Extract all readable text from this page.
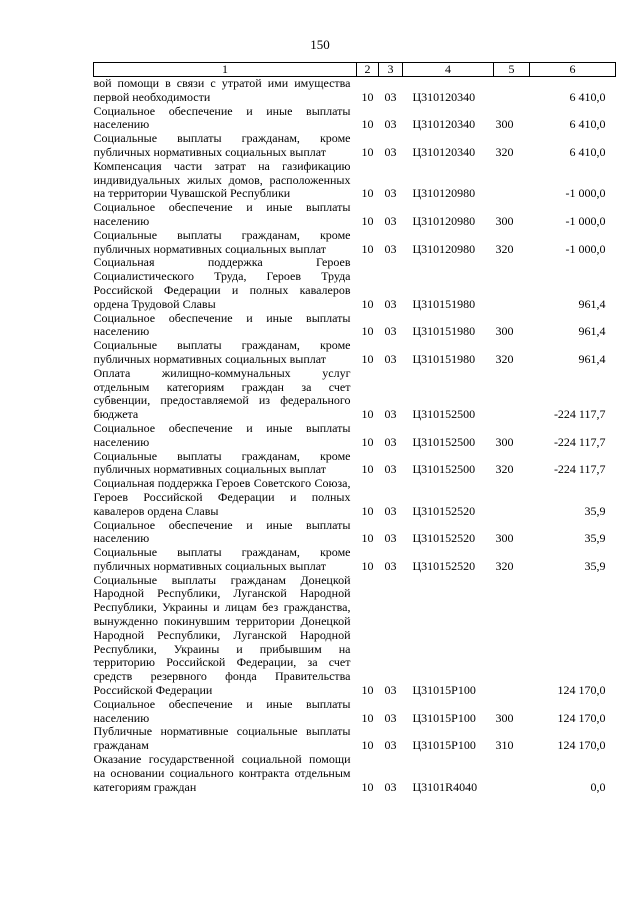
150
1	2	3	4	5	6
вой помощи в связи с утратой ими имущества первой необходимости	10	03	Ц310120340		6 410,0
Социальное обеспечение и иные выплаты населению	10	03	Ц310120340	300	6 410,0
Социальные выплаты гражданам, кроме публичных нормативных социальных выплат	10	03	Ц310120340	320	6 410,0
Компенсация части затрат на газификацию индивидуальных жилых домов, расположенных на территории Чувашской Республики	10	03	Ц310120980		-1 000,0
Социальное обеспечение и иные выплаты населению	10	03	Ц310120980	300	-1 000,0
Социальные выплаты гражданам, кроме публичных нормативных социальных выплат	10	03	Ц310120980	320	-1 000,0
Социальная поддержка Героев Социалистического Труда, Героев Труда Российской Федерации и полных кавалеров ордена Трудовой Славы	10	03	Ц310151980		961,4
Социальное обеспечение и иные выплаты населению	10	03	Ц310151980	300	961,4
Социальные выплаты гражданам, кроме публичных нормативных социальных выплат	10	03	Ц310151980	320	961,4
Оплата жилищно-коммунальных услуг отдельным категориям граждан за счет субвенции, предоставляемой из федерального бюджета	10	03	Ц310152500		-224 117,7
Социальное обеспечение и иные выплаты населению	10	03	Ц310152500	300	-224 117,7
Социальные выплаты гражданам, кроме публичных нормативных социальных выплат	10	03	Ц310152500	320	-224 117,7
Социальная поддержка Героев Советского Союза, Героев Российской Федерации и полных кавалеров ордена Славы	10	03	Ц310152520		35,9
Социальное обеспечение и иные выплаты населению	10	03	Ц310152520	300	35,9
Социальные выплаты гражданам, кроме публичных нормативных социальных выплат	10	03	Ц310152520	320	35,9
Социальные выплаты гражданам Донецкой Народной Республики, Луганской Народной Республики, Украины и лицам без гражданства, вынужденно покинувшим территории Донецкой Народной Республики, Луганской Народной Республики, Украины и прибывшим на территорию Российской Федерации, за счет средств резервного фонда Правительства Российской Федерации	10	03	Ц31015Р100		124 170,0
Социальное обеспечение и иные выплаты населению	10	03	Ц31015Р100	300	124 170,0
Публичные нормативные социальные выплаты гражданам	10	03	Ц31015Р100	310	124 170,0
Оказание государственной социальной помощи на основании социального контракта отдельным категориям граждан	10	03	Ц3101R4040		0,0
